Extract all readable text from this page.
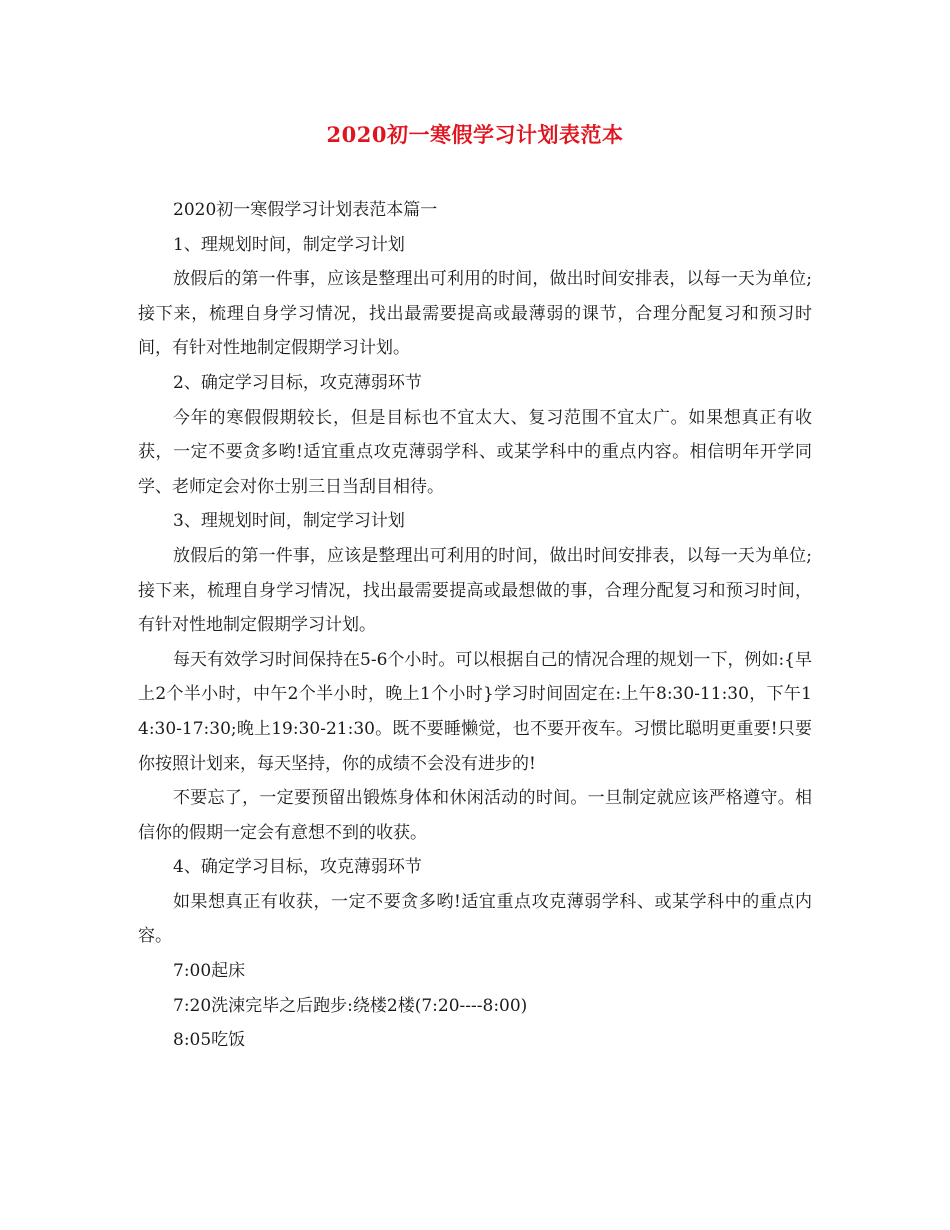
2020初一寒假学习计划表范本

2020初一寒假学习计划表范本篇一

1、理规划时间，制定学习计划

放假后的第一件事，应该是整理出可利用的时间，做出时间安排表，以每一天为单位;接下来，梳理自身学习情况，找出最需要提高或最薄弱的课节，合理分配复习和预习时间，有针对性地制定假期学习计划。

2、确定学习目标，攻克薄弱环节

今年的寒假假期较长，但是目标也不宜太大、复习范围不宜太广。如果想真正有收获，一定不要贪多哟!适宜重点攻克薄弱学科、或某学科中的重点内容。相信明年开学同学、老师定会对你士别三日当刮目相待。

3、理规划时间，制定学习计划

放假后的第一件事，应该是整理出可利用的时间，做出时间安排表，以每一天为单位;接下来，梳理自身学习情况，找出最需要提高或最想做的事，合理分配复习和预习时间，有针对性地制定假期学习计划。

每天有效学习时间保持在5-6个小时。可以根据自己的情况合理的规划一下，例如:{早上2个半小时，中午2个半小时，晚上1个小时}学习时间固定在:上午8:30-11:30，下午14:30-17:30;晚上19:30-21:30。既不要睡懒觉，也不要开夜车。习惯比聪明更重要!只要你按照计划来，每天坚持，你的成绩不会没有进步的!

不要忘了，一定要预留出锻炼身体和休闲活动的时间。一旦制定就应该严格遵守。相信你的假期一定会有意想不到的收获。

4、确定学习目标，攻克薄弱环节

如果想真正有收获，一定不要贪多哟!适宜重点攻克薄弱学科、或某学科中的重点内容。

7:00起床

7:20洗涑完毕之后跑步:绕楼2楼(7:20----8:00)

8:05吃饭
